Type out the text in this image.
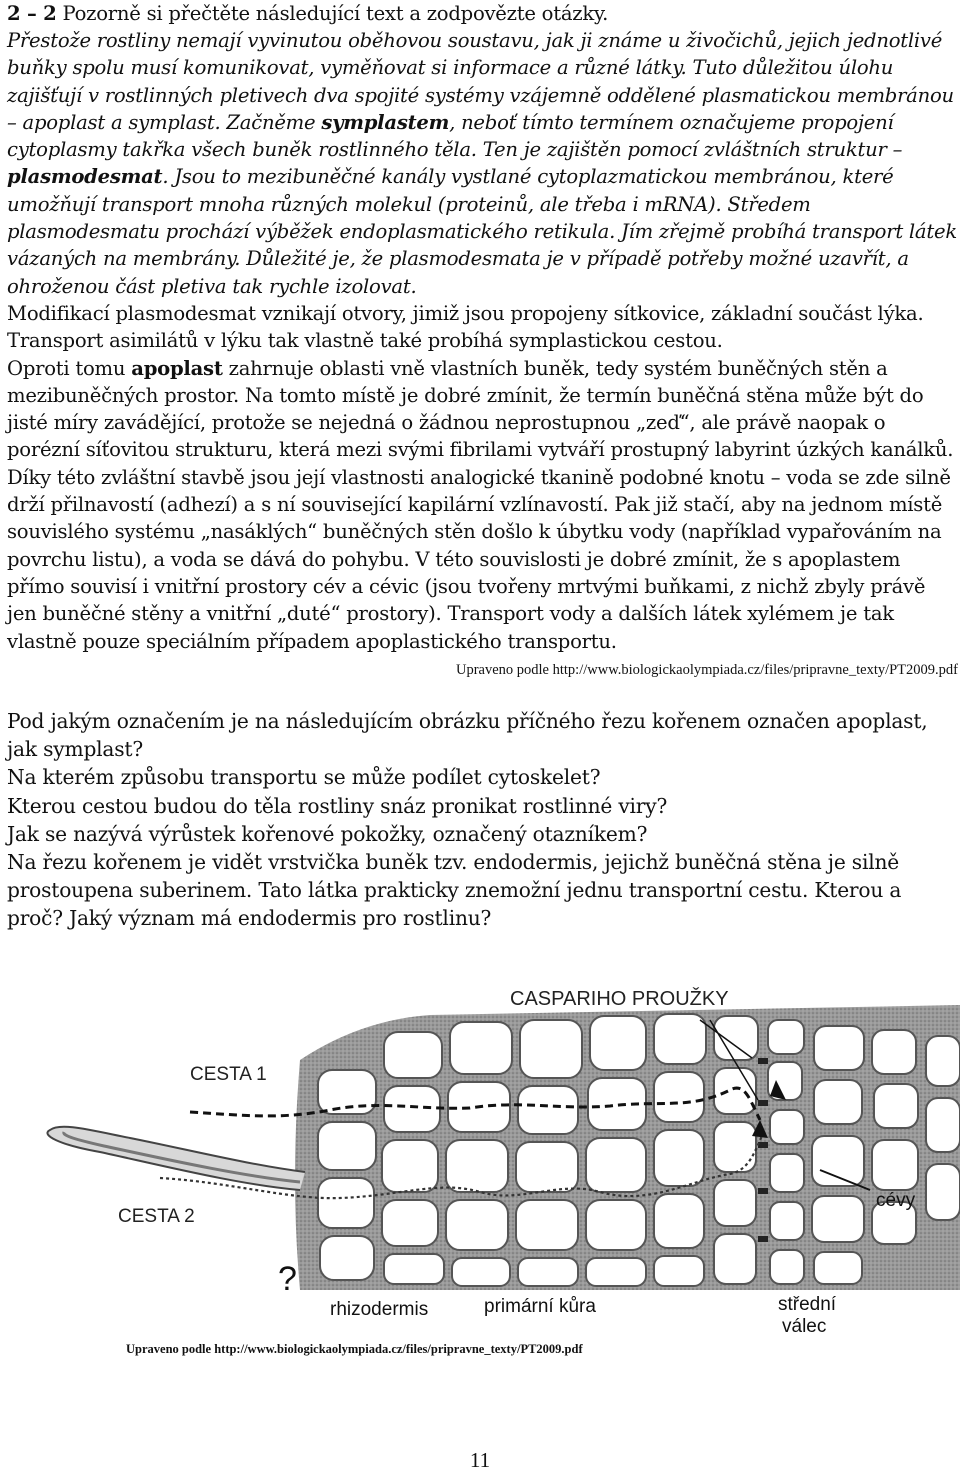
2 – 2 Pozorně si přečtěte následující text a zodpovězte otázky.
Přestože rostliny nemají vyvinutou oběhovou soustavu, jak ji známe u živočichů, jejich jednotlivé buňky spolu musí komunikovat, vyměňovat si informace a různé látky. Tuto důležitou úlohu zajišťují v rostlinných pletivech dva spojité systémy vzájemně oddělené plasmatickou membránou – apoplast a symplast. Začněme symplastem, neboť tímto termínem označujeme propojení cytoplasmy takřka všech buněk rostlinného těla. Ten je zajištěn pomocí zvláštních struktur – plasmodesmat. Jsou to mezibuněčné kanály vystlané cytoplazmatickou membránou, které umožňují transport mnoha různých molekul (proteinů, ale třeba i mRNA). Středem plasmodesmatu prochází výběžek endoplasmatického retikula. Jím zřejmě probíhá transport látek vázaných na membrány. Důležité je, že plasmodesmata je v případě potřeby možné uzavřít, a ohroženou část pletiva tak rychle izolovat.
Modifikací plasmodesmat vznikají otvory, jimiž jsou propojeny sítkovice, základní součást lýka. Transport asimilátů v lýku tak vlastně také probíhá symplastickou cestou.
Oproti tomu apoplast zahrnuje oblasti vně vlastních buněk, tedy systém buněčných stěn a mezibuněčných prostor. Na tomto místě je dobré zmínit, že termín buněčná stěna může být do jisté míry zavádějící, protože se nejedná o žádnou neprostupnou „zeď“, ale právě naopak o porézní síťovitou strukturu, která mezi svými fibrilami vytváří prostupný labyrint úzkých kanálků. Díky této zvláštní stavbě jsou její vlastnosti analogické tkanině podobné knotu – voda se zde silně drží přilnavostí (adhezí) a s ní související kapilární vzlínavostí. Pak již stačí, aby na jednom místě souvislého systému „nasáklých“ buněčných stěn došlo k úbytku vody (například vypařováním na povrchu listu), a voda se dává do pohybu. V této souvislosti je dobré zmínit, že s apoplastem přímo souvisí i vnitřní prostory cév a cévic (jsou tvořeny mrtvými buňkami, z nichž zbyly právě jen buněčné stěny a vnitřní „duté“ prostory). Transport vody a dalších látek xylémem je tak vlastně pouze speciálním případem apoplastického transportu.
Upraveno podle http://www.biologickaolympiada.cz/files/pripravne_texty/PT2009.pdf

Pod jakým označením je na následujícím obrázku příčného řezu kořenem označen apoplast, jak symplast?

Na kterém způsobu transportu se může podílet cytoskelet?

Kterou cestou budou do těla rostliny snáz pronikat rostlinné viry?

Jak se nazývá výrůstek kořenové pokožky, označený otazníkem?

Na řezu kořenem je vidět vrstvička buněk tzv. endodermis, jejichž buněčná stěna je silně prostoupena suberinem. Tato látka prakticky znemožní jednu transportní cestu. Kterou a proč? Jaký význam má endodermis pro rostlinu?

CASPARIHO PROUŽKY
CESTA 1
CESTA 2
?
cévy
rhizodermis	primární kůra	střední
válec
Upraveno podle http://www.biologickaolympiada.cz/files/pripravne_texty/PT2009.pdf
11
